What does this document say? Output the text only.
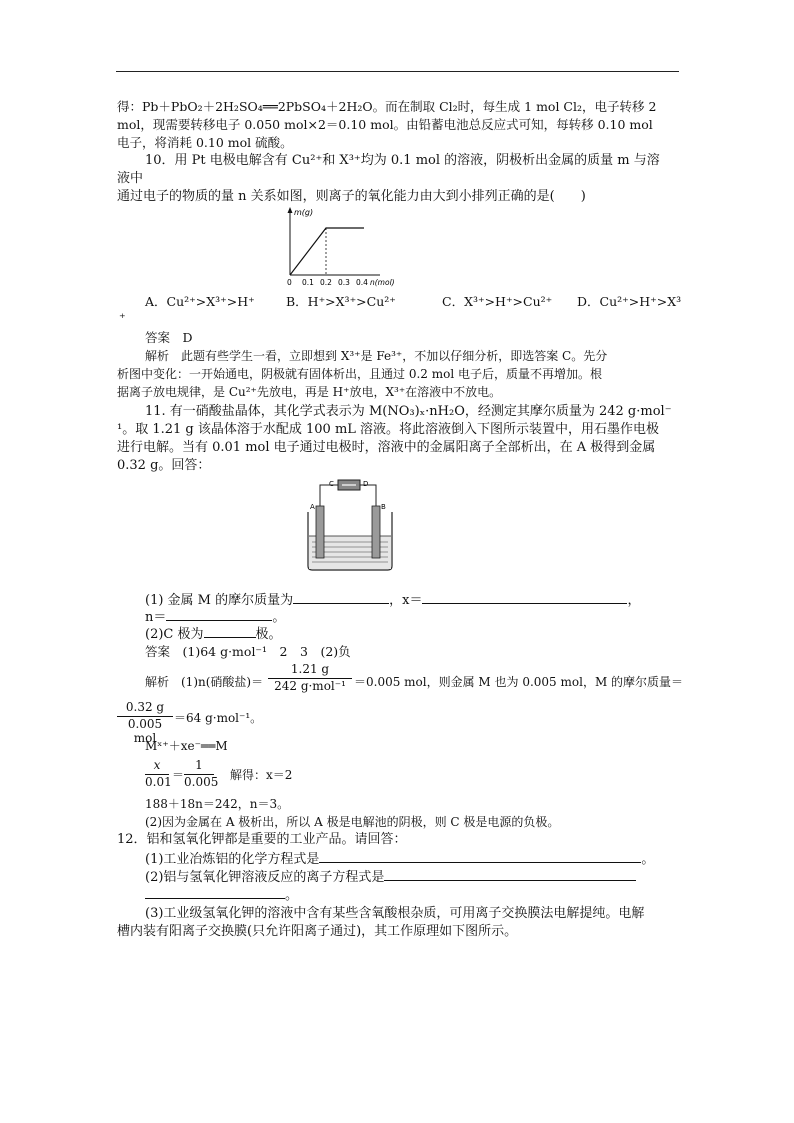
得：Pb＋PbO₂＋2H₂SO₄══2PbSO₄＋2H₂O。而在制取 Cl₂时，每生成 1 mol Cl₂，电子转移 2
mol，现需要转移电子 0.050 mol×2＝0.10 mol。由铅蓄电池总反应式可知，每转移 0.10 mol
电子，将消耗 0.10 mol 硫酸。
10．用 Pt 电极电解含有 Cu²⁺和 X³⁺均为 0.1 mol 的溶液，阴极析出金属的质量 m 与溶
液中
通过电子的物质的量 n 关系如图，则离子的氧化能力由大到小排列正确的是(　　)
m(g)
0 0.1 0.2 0.3 0.4 n(mol)
A．Cu²⁺>X³⁺>H⁺	B．H⁺>X³⁺>Cu²⁺	C．X³⁺>H⁺>Cu²⁺ D．Cu²⁺>H⁺>X³
⁺
答案　D
解析　此题有些学生一看，立即想到 X³⁺是 Fe³⁺，不加以仔细分析，即选答案 C。先分
析图中变化：一开始通电，阴极就有固体析出，且通过 0.2 mol 电子后，质量不再增加。根
据离子放电规律，是 Cu²⁺先放电，再是 H⁺放电，X³⁺在溶液中不放电。
11. 有一硝酸盐晶体，其化学式表示为 M(NO₃)ₓ·nH₂O，经测定其摩尔质量为 242 g·mol⁻
¹。取 1.21 g 该晶体溶于水配成 100 mL 溶液。将此溶液倒入下图所示装置中，用石墨作电极
进行电解。当有 0.01 mol 电子通过电极时，溶液中的金属阳离子全部析出，在 A 极得到金属
0.32 g。回答：
C	D
A	B
(1) 金属 M 的摩尔质量为	，x＝	，
n＝	。
(2)C 极为	极。
答案　(1)64 g·mol⁻¹　2　3　(2)负
解析　(1)n(硝酸盐)＝
1.21 g
242 g·mol⁻¹ ＝0.005 mol，则金属 M 也为 0.005 mol，M 的摩尔质量＝
0.32 g
0.005 mol
＝64 g·mol⁻¹。
Mˣ⁺＋xe⁻══M
$\frac{x}{0.01} = \frac{1}{0.005}$ 解得：x＝2
188＋18n＝242，n＝3。
(2)因为金属在 A 极析出，所以 A 极是电解池的阴极，则 C 极是电源的负极。
12．铝和氢氧化钾都是重要的工业产品。请回答：
(1)工业冶炼铝的化学方程式是	。
(2)铝与氢氧化钾溶液反应的离子方程式是
。
(3)工业级氢氧化钾的溶液中含有某些含氧酸根杂质，可用离子交换膜法电解提纯。电解
槽内装有阳离子交换膜(只允许阳离子通过)，其工作原理如下图所示。
